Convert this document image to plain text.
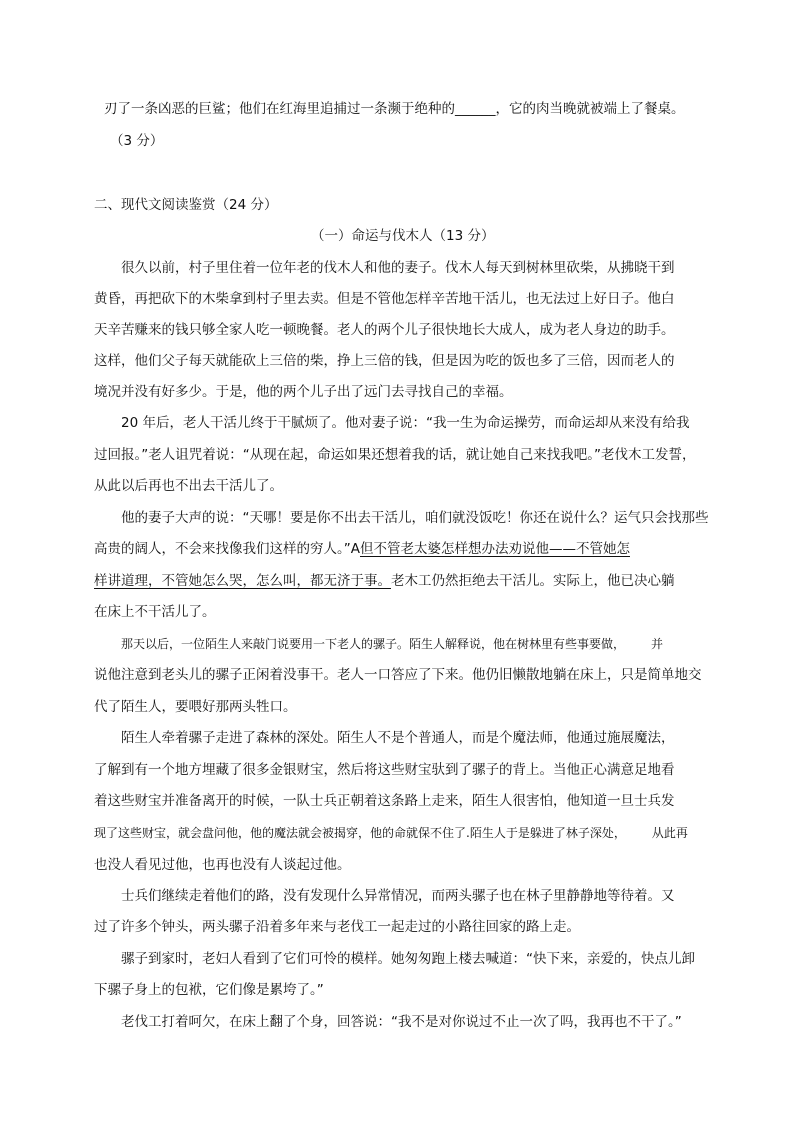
刃了一条凶恶的巨鲨；他们在红海里追捕过一条濒于绝种的______，它的肉当晚就被端上了餐桌。
（3 分）
二、现代文阅读鉴赏（24 分）
（一）命运与伐木人（13 分）
很久以前，村子里住着一位年老的伐木人和他的妻子。伐木人每天到树林里砍柴，从拂晓干到
黄昏，再把砍下的木柴拿到村子里去卖。但是不管他怎样辛苦地干活儿，也无法过上好日子。他白
天辛苦赚来的钱只够全家人吃一顿晚餐。老人的两个儿子很快地长大成人，成为老人身边的助手。
这样，他们父子每天就能砍上三倍的柴，挣上三倍的钱，但是因为吃的饭也多了三倍，因而老人的
境况并没有好多少。于是，他的两个儿子出了远门去寻找自己的幸福。
20 年后，老人干活儿终于干腻烦了。他对妻子说：“我一生为命运操劳，而命运却从来没有给我
过回报。”老人诅咒着说：“从现在起，命运如果还想着我的话，就让她自己来找我吧。”老伐木工发誓，
从此以后再也不出去干活儿了。
他的妻子大声的说：“天哪！要是你不出去干活儿，咱们就没饭吃！你还在说什么？运气只会找那些
高贵的阔人，不会来找像我们这样的穷人。”A但不管老太婆怎样想办法劝说他——不管她怎
样讲道理，不管她怎么哭，怎么叫，都无济于事。老木工仍然拒绝去干活儿。实际上，他已决心躺
在床上不干活儿了。
那天以后，一位陌生人来敲门说要用一下老人的骡子。陌生人解释说，他在树林里有些事要做， 并
说他注意到老头儿的骡子正闲着没事干。老人一口答应了下来。他仍旧懒散地躺在床上，只是简单地交
代了陌生人，要喂好那两头牲口。
陌生人牵着骡子走进了森林的深处。陌生人不是个普通人，而是个魔法师，他通过施展魔法，
了解到有一个地方埋藏了很多金银财宝，然后将这些财宝驮到了骡子的背上。当他正心满意足地看
着这些财宝并准备离开的时候，一队士兵正朝着这条路上走来，陌生人很害怕，他知道一旦士兵发
现了这些财宝，就会盘问他，他的魔法就会被揭穿，他的命就保不住了.陌生人于是躲进了林子深处， 从此再
也没人看见过他，也再也没有人谈起过他。
士兵们继续走着他们的路，没有发现什么异常情况，而两头骡子也在林子里静静地等待着。又
过了许多个钟头，两头骡子沿着多年来与老伐工一起走过的小路往回家的路上走。
骡子到家时，老妇人看到了它们可怜的模样。她匆匆跑上楼去喊道：“快下来，亲爱的，快点儿卸
下骡子身上的包袱，它们像是累垮了。”
老伐工打着呵欠，在床上翻了个身，回答说：“我不是对你说过不止一次了吗，我再也不干了。”
